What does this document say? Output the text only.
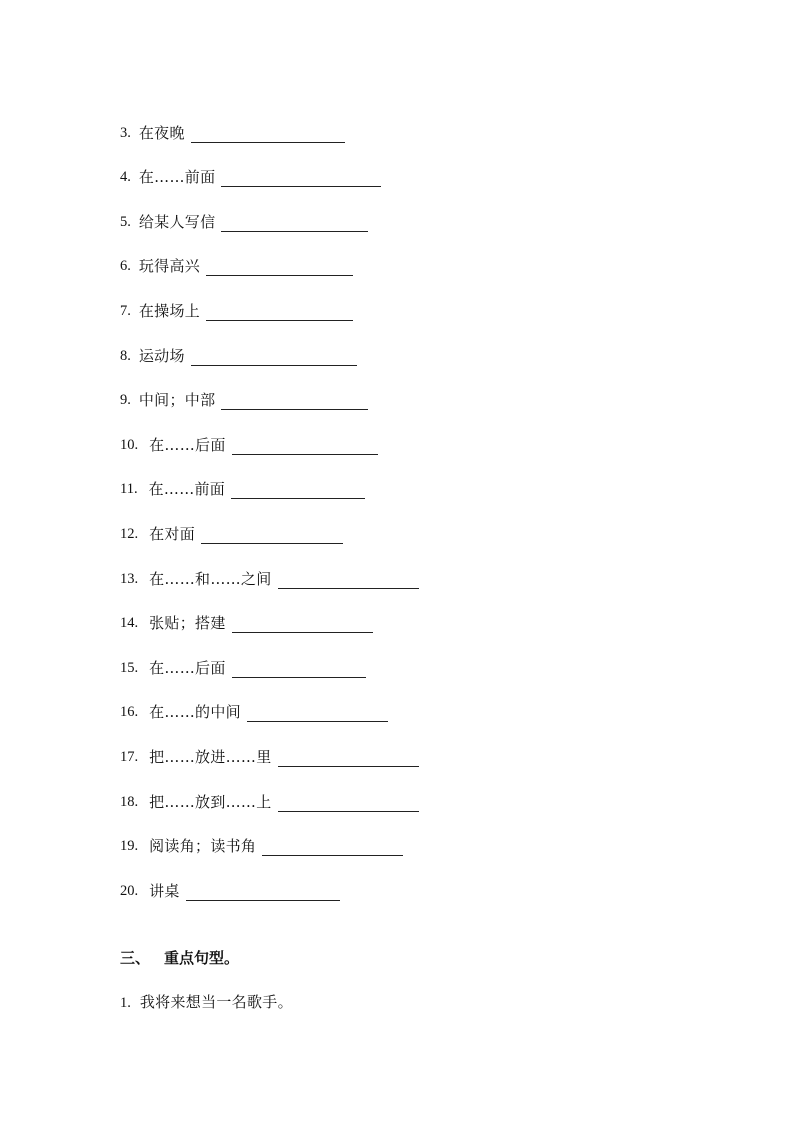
3. 在夜晚
4. 在……前面
5. 给某人写信
6. 玩得高兴
7. 在操场上
8. 运动场
9. 中间；中部
10. 在……后面
11. 在……前面
12. 在对面
13. 在……和……之间
14. 张贴；搭建
15. 在……后面
16. 在……的中间
17. 把……放进……里
18. 把……放到……上
19. 阅读角；读书角
20. 讲桌
三、 重点句型。
1. 我将来想当一名歌手。
